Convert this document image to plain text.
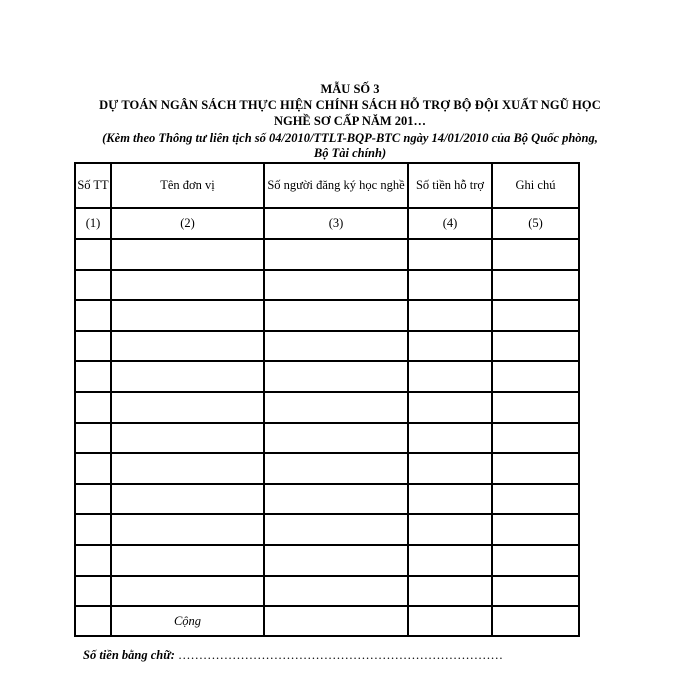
MẪU SỐ 3
DỰ TOÁN NGÂN SÁCH THỰC HIỆN CHÍNH SÁCH HỖ TRỢ BỘ ĐỘI XUẤT NGŨ HỌC
NGHỀ SƠ CẤP NĂM 201…
(Kèm theo Thông tư liên tịch số 04/2010/TTLT-BQP-BTC ngày 14/01/2010 của Bộ Quốc phòng,
Bộ Tài chính)
Số TT	Tên đơn vị	Số người đăng ký học nghề	Số tiền hỗ trợ	Ghi chú
(1)	(2)	(3)	(4)	(5)

	Cộng			
Số tiền bằng chữ: ……………………………………………………………………
